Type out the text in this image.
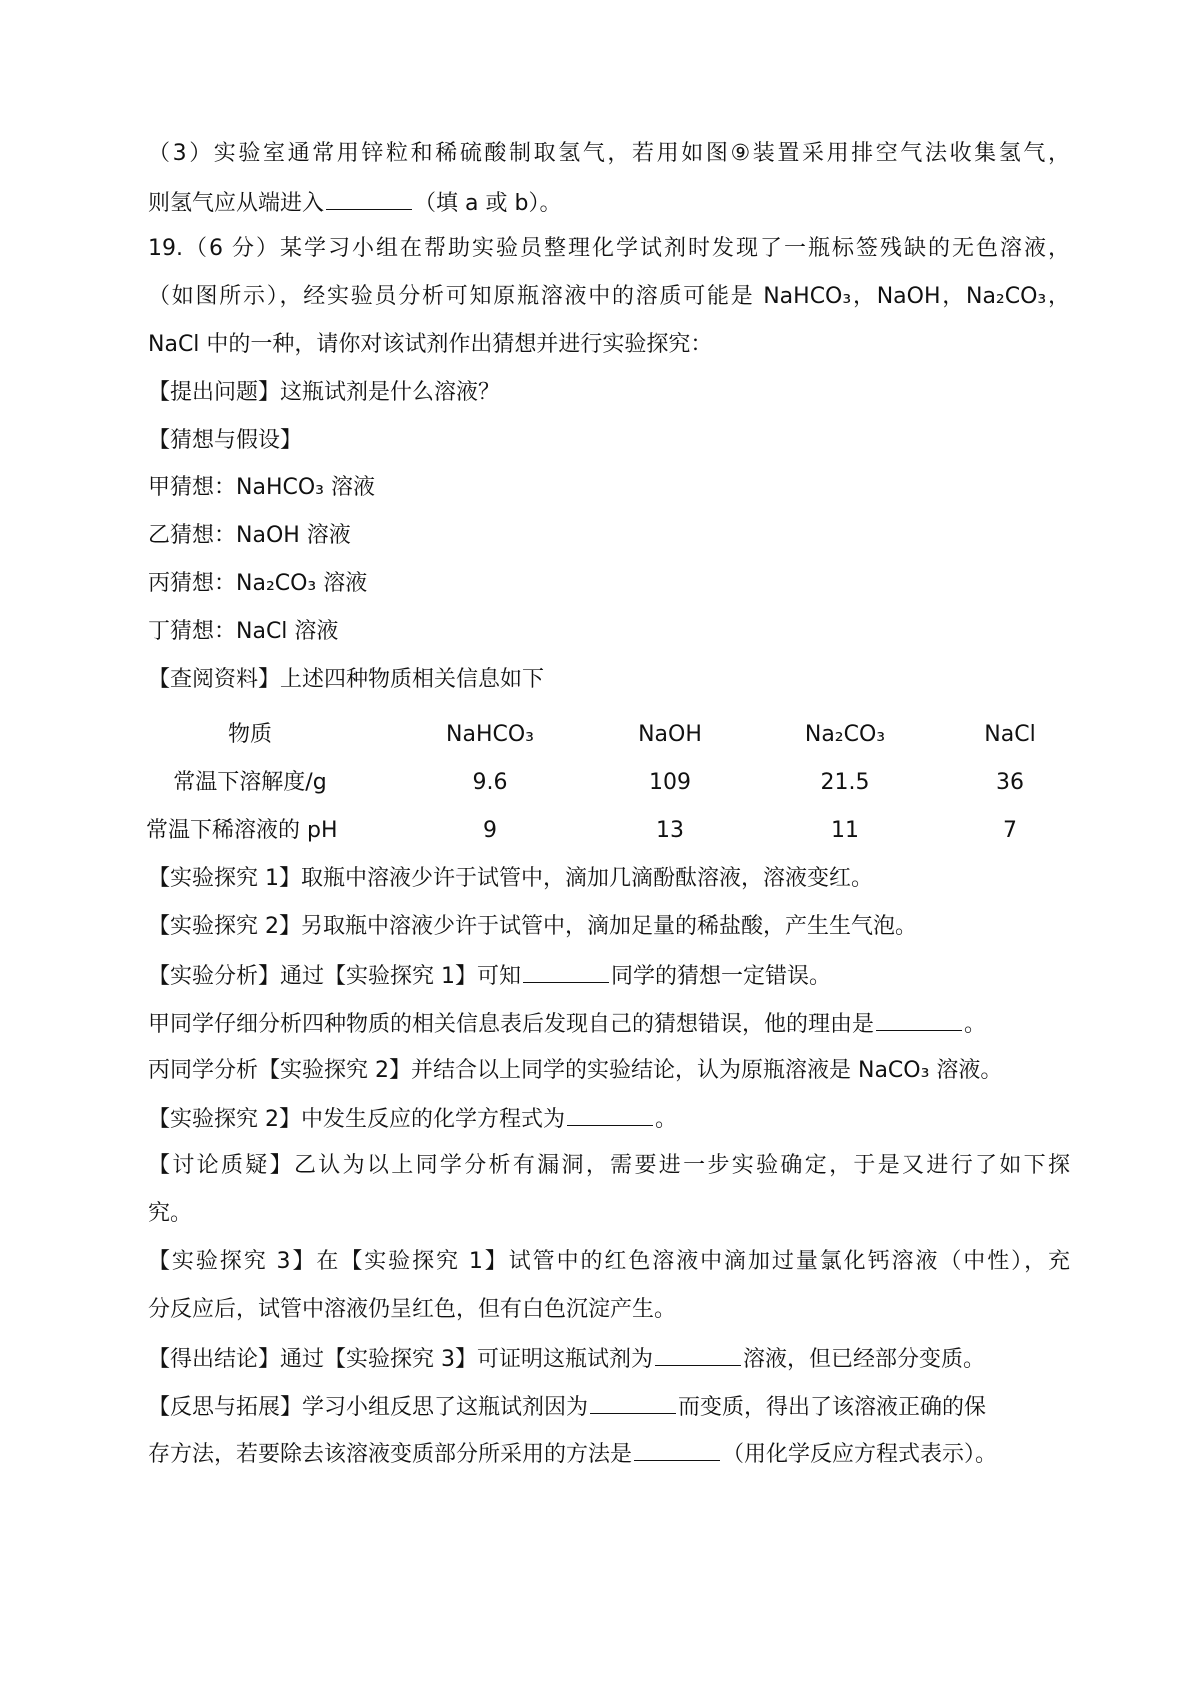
（3）实验室通常用锌粒和稀硫酸制取氢气，若用如图⑨装置采用排空气法收集氢气，
则氢气应从端进入	（填 a 或 b）。
19.（6 分）某学习小组在帮助实验员整理化学试剂时发现了一瓶标签残缺的无色溶液，
（如图所示），经实验员分析可知原瓶溶液中的溶质可能是 NaHCO₃，NaOH，Na₂CO₃，
NaCl 中的一种，请你对该试剂作出猜想并进行实验探究：
【提出问题】这瓶试剂是什么溶液？
【猜想与假设】
甲猜想：NaHCO₃ 溶液
乙猜想：NaOH 溶液
丙猜想：Na₂CO₃ 溶液
丁猜想：NaCl 溶液
【查阅资料】上述四种物质相关信息如下
物质	NaHCO₃	NaOH	Na₂CO₃	NaCl
常温下溶解度/g	9.6	109	21.5	36
常温下稀溶液的 pH	9	13	11	7
【实验探究 1】取瓶中溶液少许于试管中，滴加几滴酚酞溶液，溶液变红。
【实验探究 2】另取瓶中溶液少许于试管中，滴加足量的稀盐酸，产生生气泡。
【实验分析】通过【实验探究 1】可知	同学的猜想一定错误。
甲同学仔细分析四种物质的相关信息表后发现自己的猜想错误，他的理由是	。
丙同学分析【实验探究 2】并结合以上同学的实验结论，认为原瓶溶液是 NaCO₃ 溶液。
【实验探究 2】中发生反应的化学方程式为	。
【讨论质疑】乙认为以上同学分析有漏洞，需要进一步实验确定，于是又进行了如下探
究。
【实验探究 3】在【实验探究 1】试管中的红色溶液中滴加过量氯化钙溶液（中性），充
分反应后，试管中溶液仍呈红色，但有白色沉淀产生。
【得出结论】通过【实验探究 3】可证明这瓶试剂为	溶液，但已经部分变质。
【反思与拓展】学习小组反思了这瓶试剂因为	而变质，得出了该溶液正确的保
存方法，若要除去该溶液变质部分所采用的方法是	（用化学反应方程式表示）。
